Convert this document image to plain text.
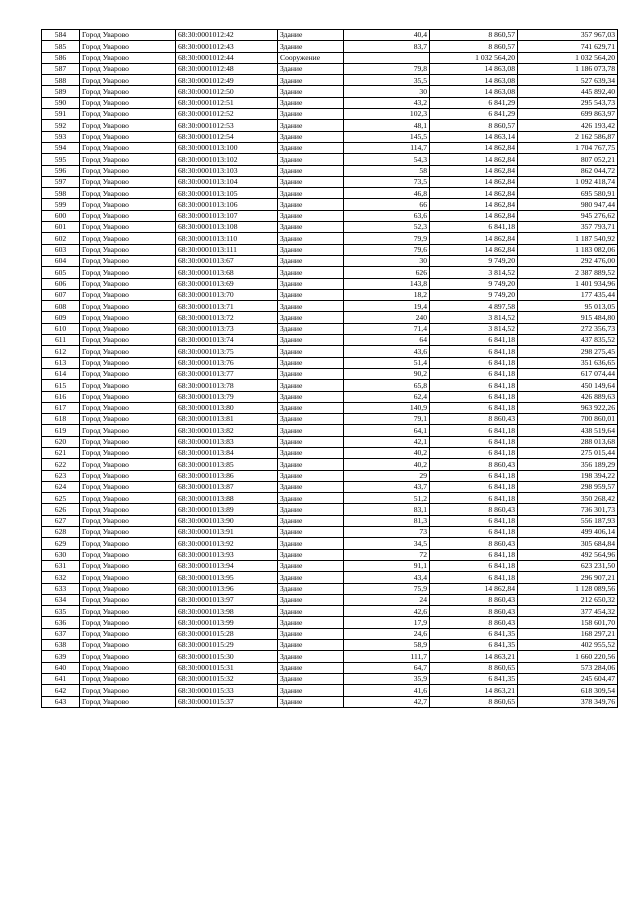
584	Город Уварово	68:30:0001012:42	Здание	40,4	8 860,57	357 967,03
585	Город Уварово	68:30:0001012:43	Здание	83,7	8 860,57	741 629,71
586	Город Уварово	68:30:0001012:44	Сооружение		1 032 564,20	1 032 564,20
587	Город Уварово	68:30:0001012:48	Здание	79,8	14 863,08	1 186 073,78
588	Город Уварово	68:30:0001012:49	Здание	35,5	14 863,08	527 639,34
589	Город Уварово	68:30:0001012:50	Здание	30	14 863,08	445 892,40
590	Город Уварово	68:30:0001012:51	Здание	43,2	6 841,29	295 543,73
591	Город Уварово	68:30:0001012:52	Здание	102,3	6 841,29	699 863,97
592	Город Уварово	68:30:0001012:53	Здание	48,1	8 860,57	426 193,42
593	Город Уварово	68:30:0001012:54	Здание	145,5	14 863,14	2 162 586,87
594	Город Уварово	68:30:0001013:100	Здание	114,7	14 862,84	1 704 767,75
595	Город Уварово	68:30:0001013:102	Здание	54,3	14 862,84	807 052,21
596	Город Уварово	68:30:0001013:103	Здание	58	14 862,84	862 044,72
597	Город Уварово	68:30:0001013:104	Здание	73,5	14 862,84	1 092 418,74
598	Город Уварово	68:30:0001013:105	Здание	46,8	14 862,84	695 580,91
599	Город Уварово	68:30:0001013:106	Здание	66	14 862,84	980 947,44
600	Город Уварово	68:30:0001013:107	Здание	63,6	14 862,84	945 276,62
601	Город Уварово	68:30:0001013:108	Здание	52,3	6 841,18	357 793,71
602	Город Уварово	68:30:0001013:110	Здание	79,9	14 862,84	1 187 540,92
603	Город Уварово	68:30:0001013:111	Здание	79,6	14 862,84	1 183 082,06
604	Город Уварово	68:30:0001013:67	Здание	30	9 749,20	292 476,00
605	Город Уварово	68:30:0001013:68	Здание	626	3 814,52	2 387 889,52
606	Город Уварово	68:30:0001013:69	Здание	143,8	9 749,20	1 401 934,96
607	Город Уварово	68:30:0001013:70	Здание	18,2	9 749,20	177 435,44
608	Город Уварово	68:30:0001013:71	Здание	19,4	4 897,58	95 013,05
609	Город Уварово	68:30:0001013:72	Здание	240	3 814,52	915 484,80
610	Город Уварово	68:30:0001013:73	Здание	71,4	3 814,52	272 356,73
611	Город Уварово	68:30:0001013:74	Здание	64	6 841,18	437 835,52
612	Город Уварово	68:30:0001013:75	Здание	43,6	6 841,18	298 275,45
613	Город Уварово	68:30:0001013:76	Здание	51,4	6 841,18	351 636,65
614	Город Уварово	68:30:0001013:77	Здание	90,2	6 841,18	617 074,44
615	Город Уварово	68:30:0001013:78	Здание	65,8	6 841,18	450 149,64
616	Город Уварово	68:30:0001013:79	Здание	62,4	6 841,18	426 889,63
617	Город Уварово	68:30:0001013:80	Здание	140,9	6 841,18	963 922,26
618	Город Уварово	68:30:0001013:81	Здание	79,1	8 860,43	700 860,01
619	Город Уварово	68:30:0001013:82	Здание	64,1	6 841,18	438 519,64
620	Город Уварово	68:30:0001013:83	Здание	42,1	6 841,18	288 013,68
621	Город Уварово	68:30:0001013:84	Здание	40,2	6 841,18	275 015,44
622	Город Уварово	68:30:0001013:85	Здание	40,2	8 860,43	356 189,29
623	Город Уварово	68:30:0001013:86	Здание	29	6 841,18	198 394,22
624	Город Уварово	68:30:0001013:87	Здание	43,7	6 841,18	298 959,57
625	Город Уварово	68:30:0001013:88	Здание	51,2	6 841,18	350 268,42
626	Город Уварово	68:30:0001013:89	Здание	83,1	8 860,43	736 301,73
627	Город Уварово	68:30:0001013:90	Здание	81,3	6 841,18	556 187,93
628	Город Уварово	68:30:0001013:91	Здание	73	6 841,18	499 406,14
629	Город Уварово	68:30:0001013:92	Здание	34,5	8 860,43	305 684,84
630	Город Уварово	68:30:0001013:93	Здание	72	6 841,18	492 564,96
631	Город Уварово	68:30:0001013:94	Здание	91,1	6 841,18	623 231,50
632	Город Уварово	68:30:0001013:95	Здание	43,4	6 841,18	296 907,21
633	Город Уварово	68:30:0001013:96	Здание	75,9	14 862,84	1 128 089,56
634	Город Уварово	68:30:0001013:97	Здание	24	8 860,43	212 650,32
635	Город Уварово	68:30:0001013:98	Здание	42,6	8 860,43	377 454,32
636	Город Уварово	68:30:0001013:99	Здание	17,9	8 860,43	158 601,70
637	Город Уварово	68:30:0001015:28	Здание	24,6	6 841,35	168 297,21
638	Город Уварово	68:30:0001015:29	Здание	58,9	6 841,35	402 955,52
639	Город Уварово	68:30:0001015:30	Здание	111,7	14 863,21	1 660 220,56
640	Город Уварово	68:30:0001015:31	Здание	64,7	8 860,65	573 284,06
641	Город Уварово	68:30:0001015:32	Здание	35,9	6 841,35	245 604,47
642	Город Уварово	68:30:0001015:33	Здание	41,6	14 863,21	618 309,54
643	Город Уварово	68:30:0001015:37	Здание	42,7	8 860,65	378 349,76
